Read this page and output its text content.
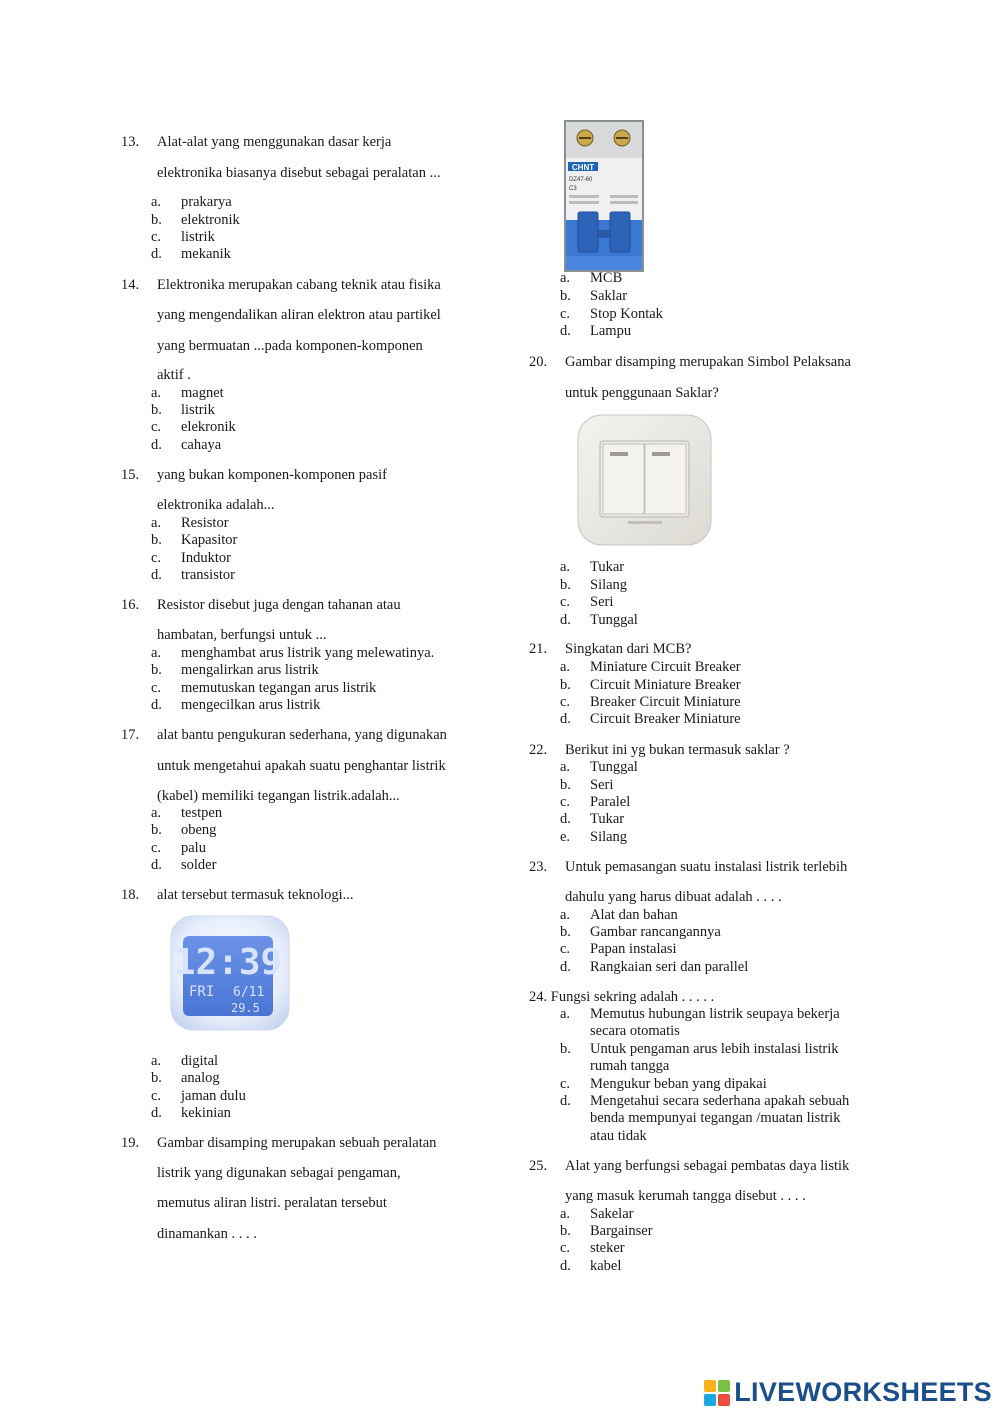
13. Alat-alat yang menggunakan dasar kerja
elektronika biasanya disebut sebagai peralatan ...
a. prakarya
b. elektronik
c. listrik
d. mekanik
14. Elektronika merupakan cabang teknik atau fisika
yang mengendalikan aliran elektron atau partikel
yang bermuatan ...pada komponen-komponen
aktif .
a. magnet
b. listrik
c. elekronik
d. cahaya
15. yang bukan komponen-komponen pasif
elektronika adalah...
a. Resistor
b. Kapasitor
c. Induktor
d. transistor
16. Resistor disebut juga dengan tahanan atau
hambatan, berfungsi untuk ...
a. menghambat arus listrik yang melewatinya.
b. mengalirkan arus listrik
c. memutuskan tegangan arus listrik
d. mengecilkan arus listrik
17. alat bantu pengukuran sederhana, yang digunakan
untuk mengetahui apakah suatu penghantar listrik
(kabel) memiliki tegangan listrik.adalah...
a. testpen
b. obeng
c. palu
d. solder
18. alat tersebut termasuk teknologi...
12:39
FRI 6/11
29.5
a. digital
b. analog
c. jaman dulu
d. kekinian
19. Gambar disamping merupakan sebuah peralatan
listrik yang digunakan sebagai pengaman,
memutus aliran listri. peralatan tersebut
dinamankan . . . .
CHNT
DZ47-60
C3
a. MCB
b. Saklar
c. Stop Kontak
d. Lampu
20. Gambar disamping merupakan Simbol Pelaksana
untuk penggunaan Saklar?
a. Tukar
b. Silang
c. Seri
d. Tunggal
21. Singkatan dari MCB?
a. Miniature Circuit Breaker
b. Circuit Miniature Breaker
c. Breaker Circuit Miniature
d. Circuit Breaker Miniature
22. Berikut ini yg bukan termasuk saklar ?
a. Tunggal
b. Seri
c. Paralel
d. Tukar
e. Silang
23. Untuk pemasangan suatu instalasi listrik terlebih
dahulu yang harus dibuat adalah . . . .
a. Alat dan bahan
b. Gambar rancangannya
c. Papan instalasi
d. Rangkaian seri dan parallel
24. Fungsi sekring adalah . . . . .
a. Memutus hubungan listrik seupaya bekerja
secara otomatis
b. Untuk pengaman arus lebih instalasi listrik
rumah tangga
c. Mengukur beban yang dipakai
d. Mengetahui secara sederhana apakah sebuah
benda mempunyai tegangan /muatan listrik
atau tidak
25. Alat yang berfungsi sebagai pembatas daya listik
yang masuk kerumah tangga disebut . . . .
a. Sakelar
b. Bargainser
c. steker
d. kabel
LIVEWORKSHEETS
